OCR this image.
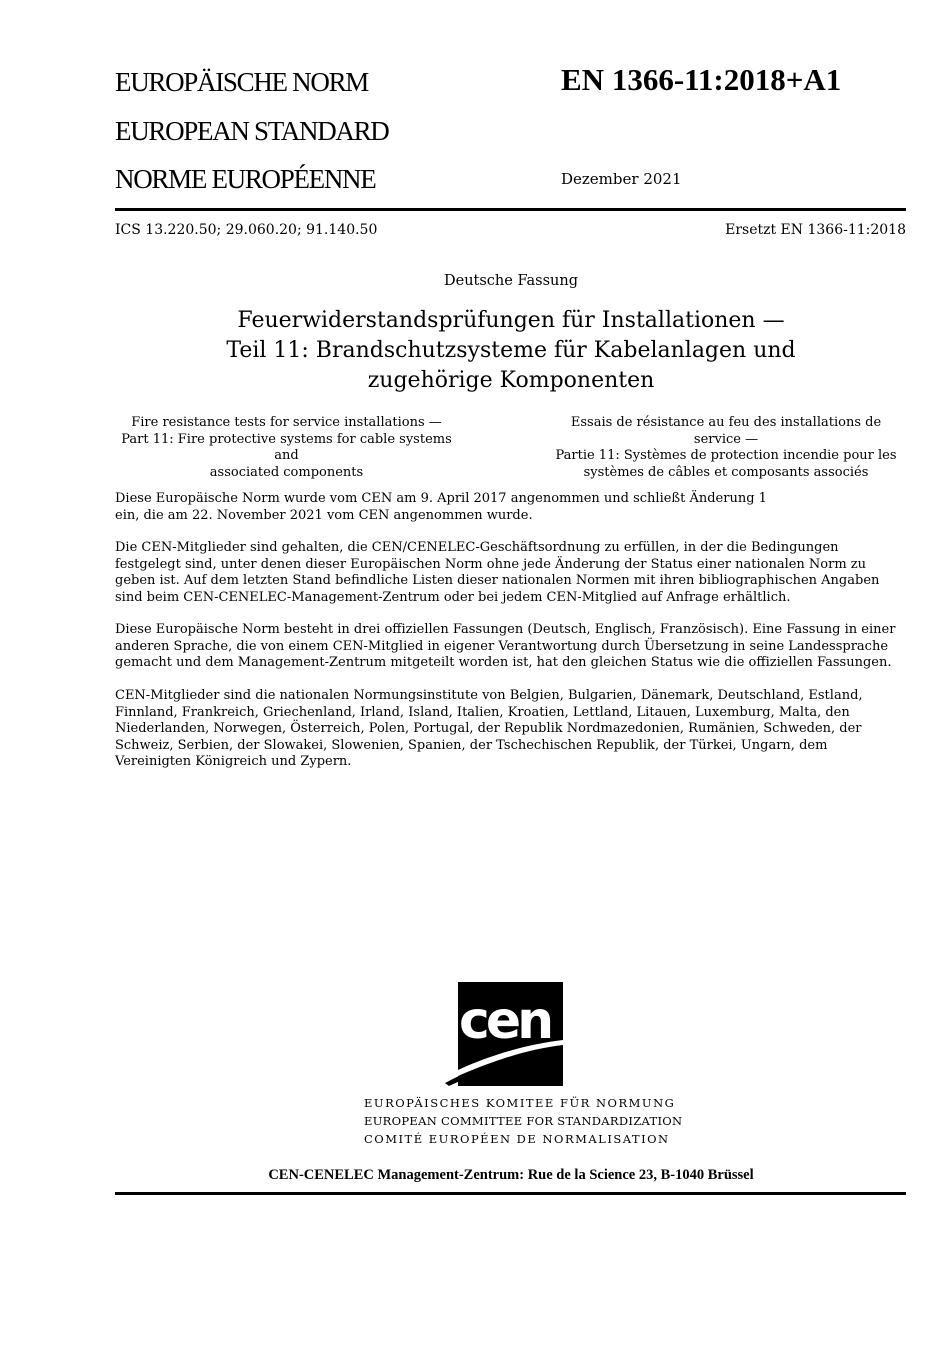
EUROPÄISCHE NORM
EUROPEAN STANDARD
NORME EUROPÉENNE
EN 1366-11:2018+A1
Dezember 2021
ICS 13.220.50; 29.060.20; 91.140.50	Ersetzt EN 1366-11:2018
Deutsche Fassung
Feuerwiderstandsprüfungen für Installationen —
Teil 11: Brandschutzsysteme für Kabelanlagen und
zugehörige Komponenten
Fire resistance tests for service installations —
Part 11: Fire protective systems for cable systems and
associated components
Essais de résistance au feu des installations de service —
Partie 11: Systèmes de protection incendie pour les
systèmes de câbles et composants associés
Diese Europäische Norm wurde vom CEN am 9. April 2017 angenommen und schließt Änderung 1 ein, die am 22. November 2021 vom CEN angenommen wurde.
Die CEN-Mitglieder sind gehalten, die CEN/CENELEC-Geschäftsordnung zu erfüllen, in der die Bedingungen festgelegt sind, unter denen dieser Europäischen Norm ohne jede Änderung der Status einer nationalen Norm zu geben ist. Auf dem letzten Stand befindliche Listen dieser nationalen Normen mit ihren bibliographischen Angaben sind beim CEN-CENELEC-Management-Zentrum oder bei jedem CEN-Mitglied auf Anfrage erhältlich.
Diese Europäische Norm besteht in drei offiziellen Fassungen (Deutsch, Englisch, Französisch). Eine Fassung in einer anderen Sprache, die von einem CEN-Mitglied in eigener Verantwortung durch Übersetzung in seine Landessprache gemacht und dem Management-Zentrum mitgeteilt worden ist, hat den gleichen Status wie die offiziellen Fassungen.
CEN-Mitglieder sind die nationalen Normungsinstitute von Belgien, Bulgarien, Dänemark, Deutschland, Estland, Finnland, Frankreich, Griechenland, Irland, Island, Italien, Kroatien, Lettland, Litauen, Luxemburg, Malta, den Niederlanden, Norwegen, Österreich, Polen, Portugal, der Republik Nordmazedonien, Rumänien, Schweden, der Schweiz, Serbien, der Slowakei, Slowenien, Spanien, der Tschechischen Republik, der Türkei, Ungarn, dem Vereinigten Königreich und Zypern.
cen
EUROPÄISCHES KOMITEE FÜR NORMUNG
EUROPEAN COMMITTEE FOR STANDARDIZATION
COMITÉ EUROPÉEN DE NORMALISATION
CEN-CENELEC Management-Zentrum: Rue de la Science 23, B-1040 Brüssel
